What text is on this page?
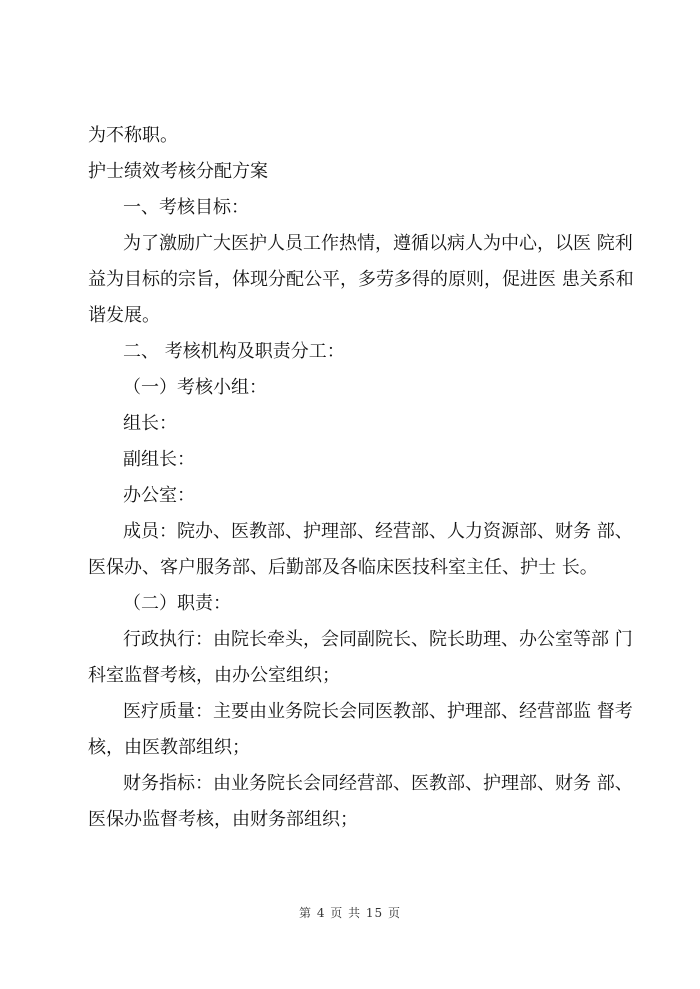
为不称职。

护士绩效考核分配方案

一、考核目标：

为了激励广大医护人员工作热情，遵循以病人为中心，以医 院利

益为目标的宗旨，体现分配公平，多劳多得的原则，促进医 患关系和

谐发展。

二、 考核机构及职责分工：

（一）考核小组：

组长：

副组长：

办公室：

成员：院办、医教部、护理部、经营部、人力资源部、财务 部、

医保办、客户服务部、后勤部及各临床医技科室主任、护士 长。

（二）职责：

行政执行：由院长牵头，会同副院长、院长助理、办公室等部 门

科室监督考核，由办公室组织；

医疗质量：主要由业务院长会同医教部、护理部、经营部监 督考

核，由医教部组织；

财务指标：由业务院长会同经营部、医教部、护理部、财务 部、

医保办监督考核，由财务部组织；

第 4 页 共 15 页
